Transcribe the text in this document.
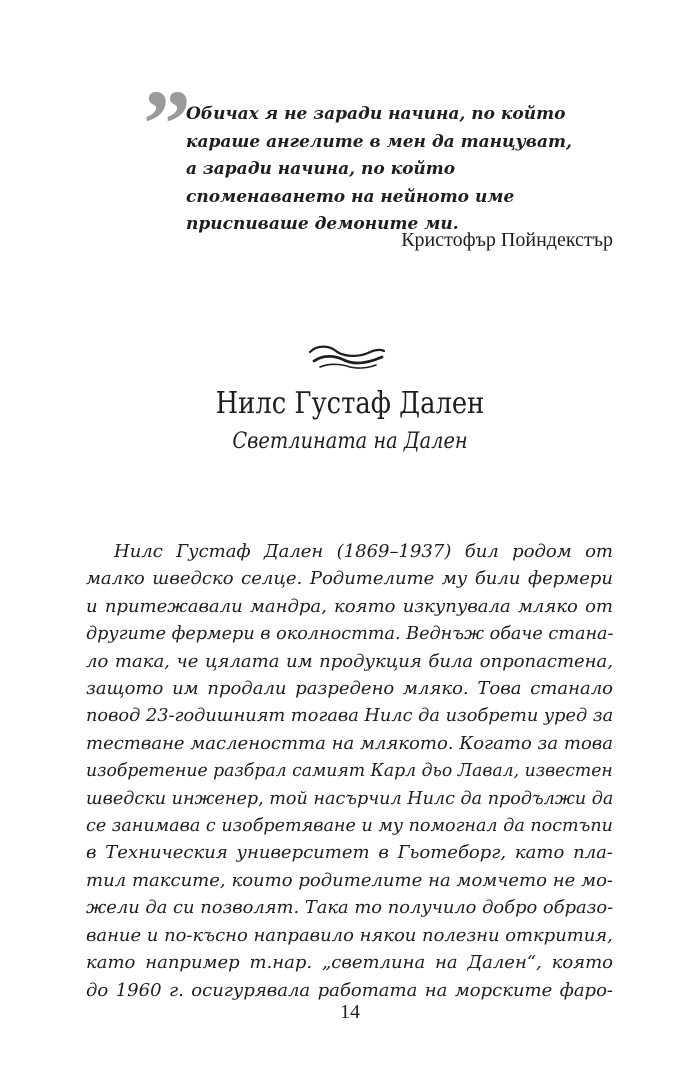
”
Обичах я не заради начина, по който
караше ангелите в мен да танцуват,
а заради начина, по който
споменаването на нейното име
приспиваше демоните ми.
Кристофър Пойндекстър
Нилс Густаф Дален
Светлината на Дален
Нилс Густаф Дален (1869–1937) бил родом от
малко шведско селце. Родителите му били фермери
и притежавали мандра, която изкупувала мляко от
другите фермери в околността. Веднъж обаче стана-
ло така, че цялата им продукция била опропастена,
защото им продали разредено мляко. Това станало
повод 23-годишният тогава Нилс да изобрети уред за
тестване маслеността на млякото. Когато за това
изобретение разбрал самият Карл дьо Лавал, известен
шведски инженер, той насърчил Нилс да продължи да
се занимава с изобретяване и му помогнал да постъпи
в Техническия университет в Гьотеборг, като пла-
тил таксите, които родителите на момчето не мо-
жели да си позволят. Така то получило добро образо-
вание и по-късно направило някои полезни открития,
като например т.нар. „светлина на Дален“, която
до 1960 г. осигурявала работата на морските фаро-
14
